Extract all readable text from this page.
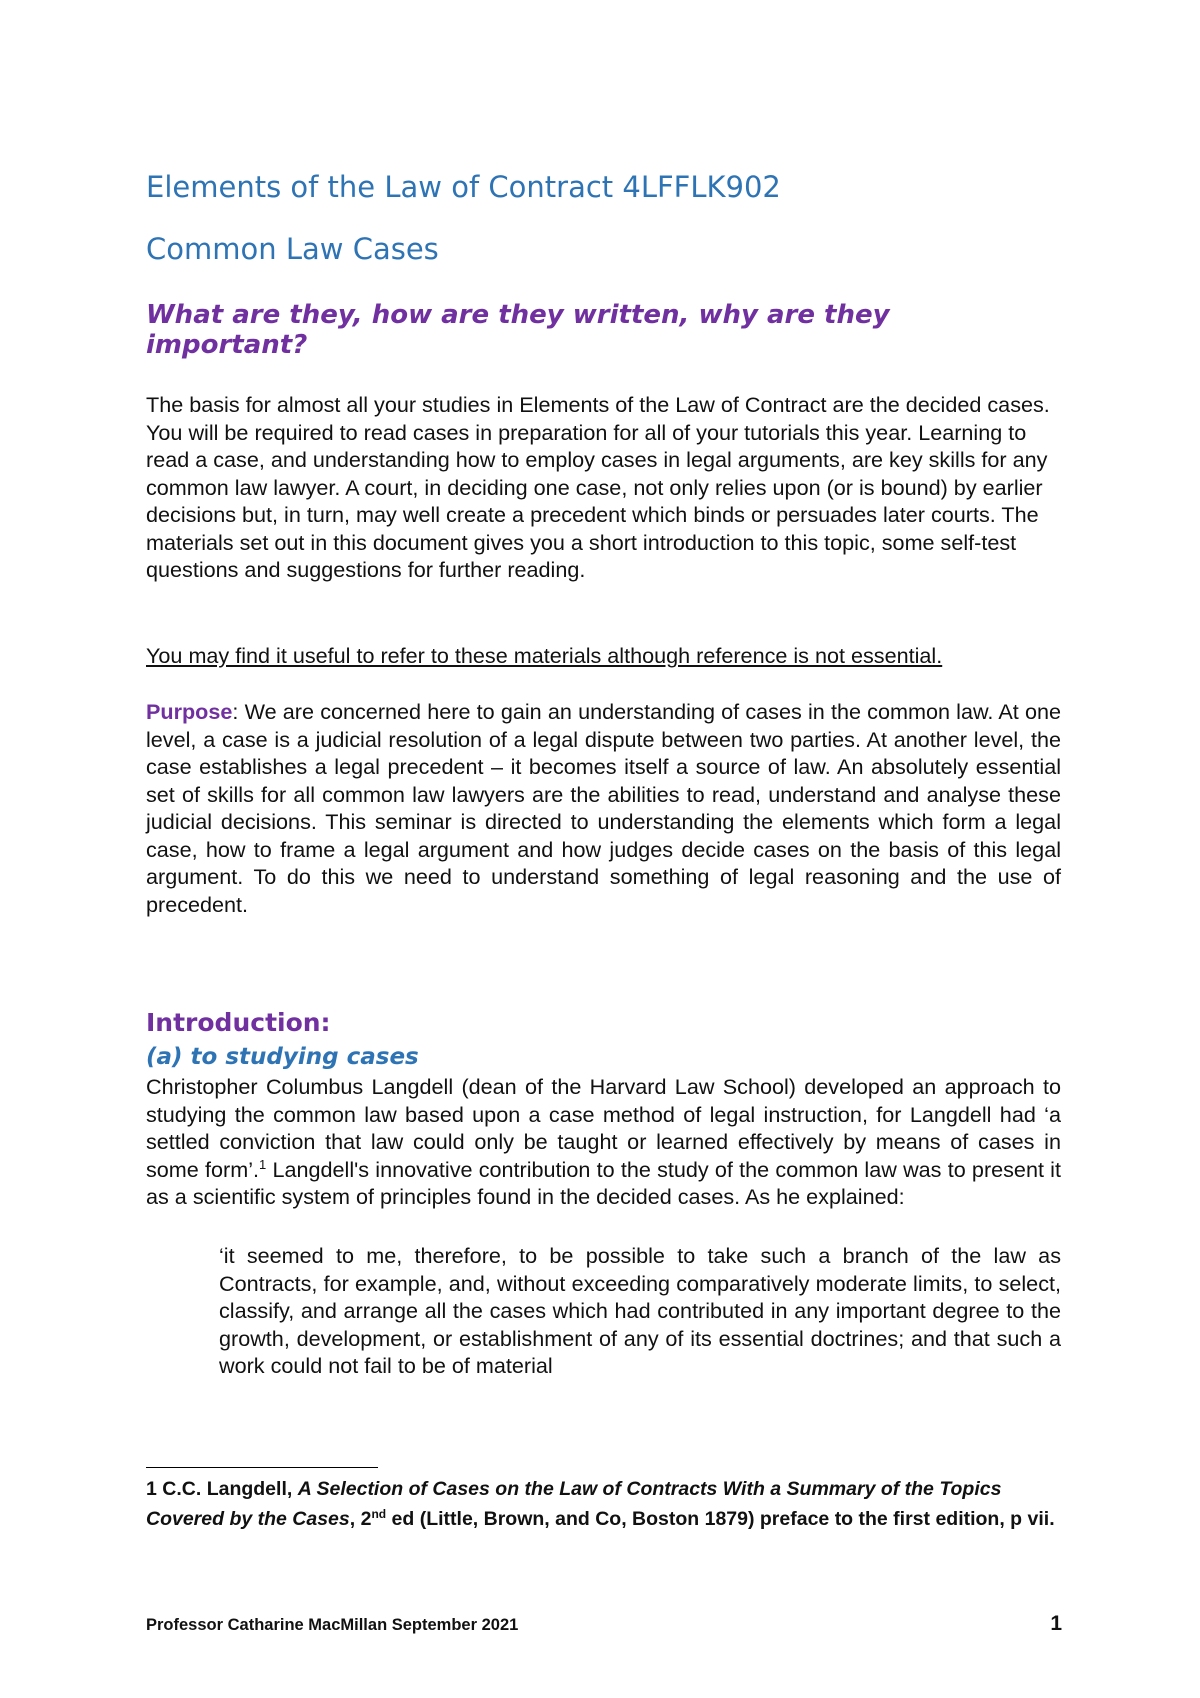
Elements of the Law of Contract 4LFFLK902
Common Law Cases
What are they, how are they written, why are they important?
The basis for almost all your studies in Elements of the Law of Contract are the decided cases. You will be required to read cases in preparation for all of your tutorials this year. Learning to read a case, and understanding how to employ cases in legal arguments, are key skills for any common law lawyer. A court, in deciding one case, not only relies upon (or is bound) by earlier decisions but, in turn, may well create a precedent which binds or persuades later courts. The materials set out in this document gives you a short introduction to this topic, some self-test questions and suggestions for further reading.
You may find it useful to refer to these materials although reference is not essential.
Purpose: We are concerned here to gain an understanding of cases in the common law. At one level, a case is a judicial resolution of a legal dispute between two parties. At another level, the case establishes a legal precedent – it becomes itself a source of law. An absolutely essential set of skills for all common law lawyers are the abilities to read, understand and analyse these judicial decisions. This seminar is directed to understanding the elements which form a legal case, how to frame a legal argument and how judges decide cases on the basis of this legal argument. To do this we need to understand something of legal reasoning and the use of precedent.
Introduction:
(a) to studying cases
Christopher Columbus Langdell (dean of the Harvard Law School) developed an approach to studying the common law based upon a case method of legal instruction, for Langdell had ‘a settled conviction that law could only be taught or learned effectively by means of cases in some form’.$^1$ Langdell's innovative contribution to the study of the common law was to present it as a scientific system of principles found in the decided cases. As he explained:
‘it seemed to me, therefore, to be possible to take such a branch of the law as Contracts, for example, and, without exceeding comparatively moderate limits, to select, classify, and arrange all the cases which had contributed in any important degree to the growth, development, or establishment of any of its essential doctrines; and that such a work could not fail to be of material
1 C.C. Langdell, A Selection of Cases on the Law of Contracts With a Summary of the Topics Covered by the Cases, 2nd ed (Little, Brown, and Co, Boston 1879) preface to the first edition, p vii.
Professor Catharine MacMillan September 2021	1
